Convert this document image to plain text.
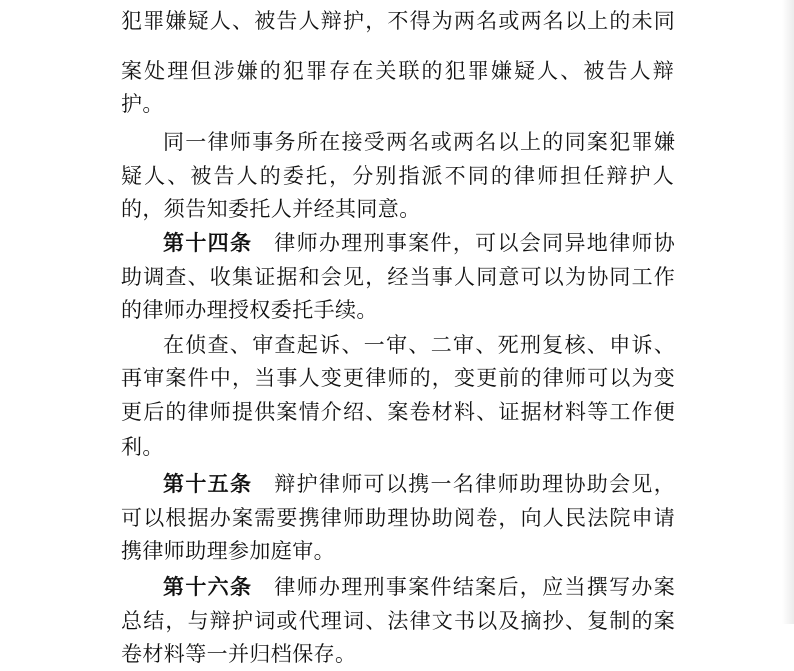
犯罪嫌疑人、被告人辩护，不得为两名或两名以上的未同
案处理但涉嫌的犯罪存在关联的犯罪嫌疑人、被告人辩
护。
同一律师事务所在接受两名或两名以上的同案犯罪嫌
疑人、被告人的委托，分别指派不同的律师担任辩护人
的，须告知委托人并经其同意。
第十四条 律师办理刑事案件，可以会同异地律师协
助调查、收集证据和会见，经当事人同意可以为协同工作
的律师办理授权委托手续。
在侦查、审查起诉、一审、二审、死刑复核、申诉、
再审案件中，当事人变更律师的，变更前的律师可以为变
更后的律师提供案情介绍、案卷材料、证据材料等工作便
利。
第十五条 辩护律师可以携一名律师助理协助会见，
可以根据办案需要携律师助理协助阅卷，向人民法院申请
携律师助理参加庭审。
第十六条 律师办理刑事案件结案后，应当撰写办案
总结，与辩护词或代理词、法律文书以及摘抄、复制的案
卷材料等一并归档保存。
